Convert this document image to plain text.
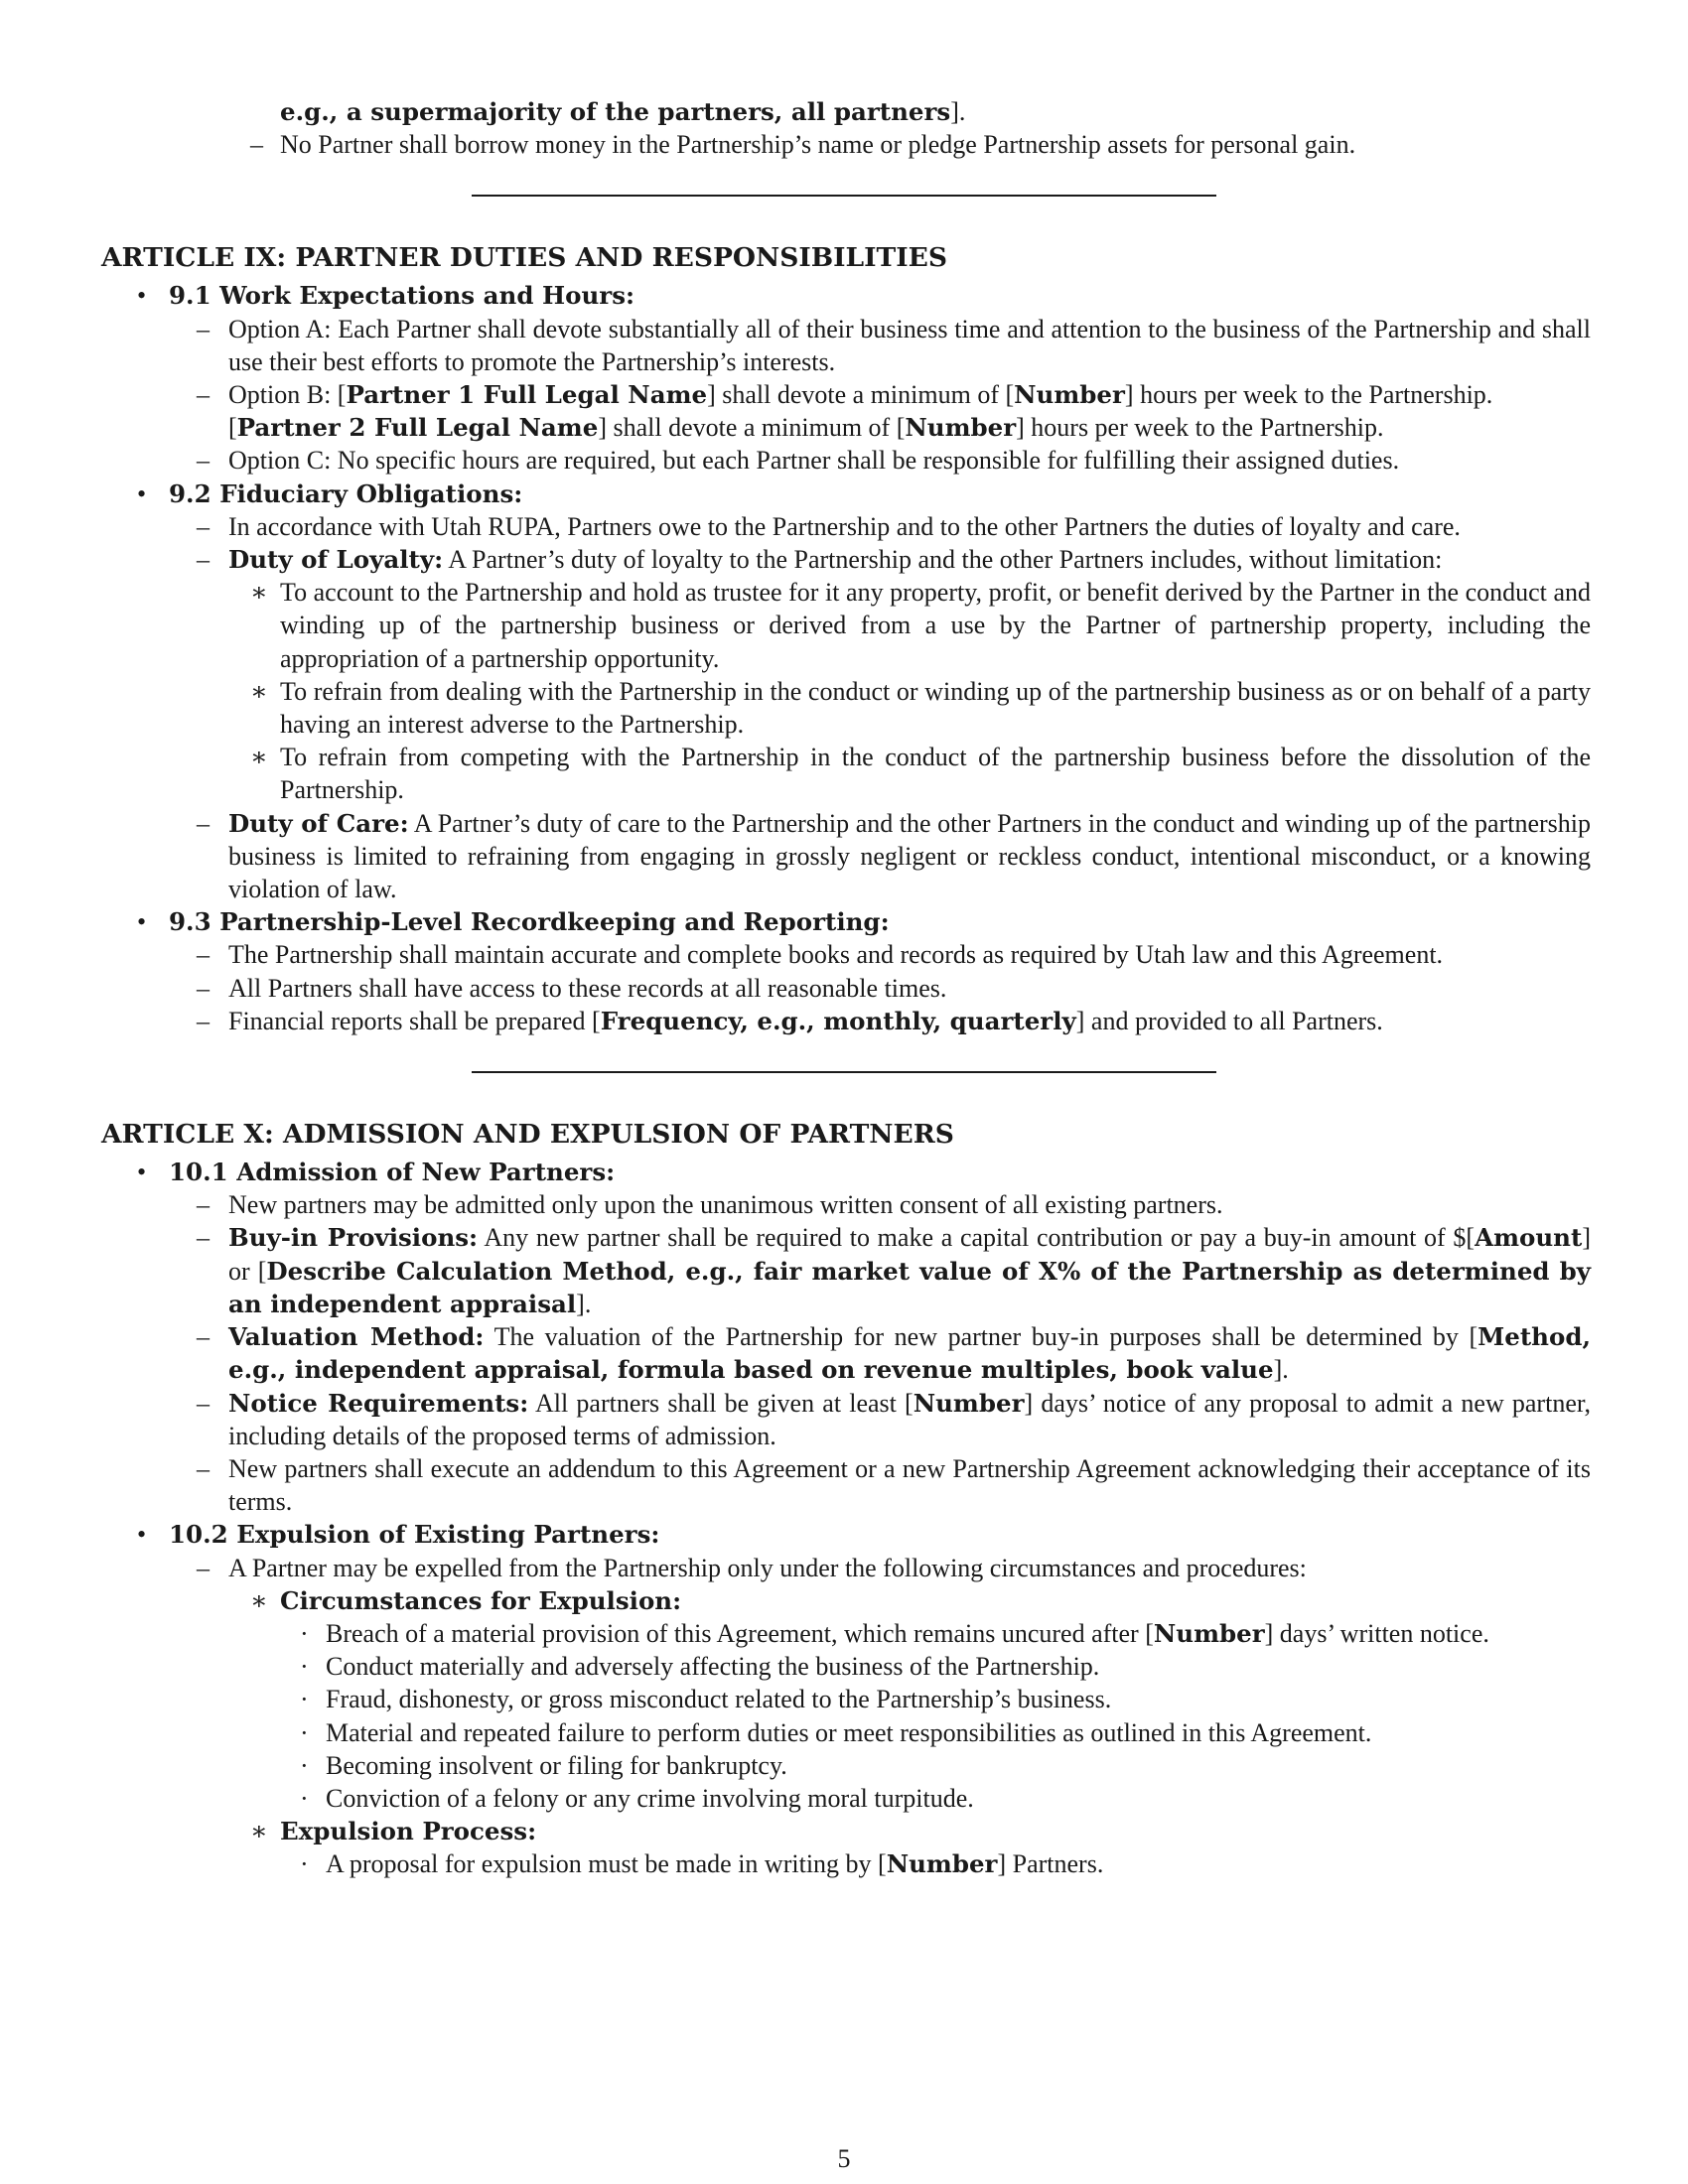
e.g., a supermajority of the partners, all partners].
– No Partner shall borrow money in the Partnership’s name or pledge Partnership assets for personal gain.
ARTICLE IX: PARTNER DUTIES AND RESPONSIBILITIES
• 9.1 Work Expectations and Hours:
– Option A: Each Partner shall devote substantially all of their business time and attention to the business of the Partnership and shall use their best efforts to promote the Partnership’s interests.
– Option B: [Partner 1 Full Legal Name] shall devote a minimum of [Number] hours per week to the Partnership. [Partner 2 Full Legal Name] shall devote a minimum of [Number] hours per week to the Partnership.
– Option C: No specific hours are required, but each Partner shall be responsible for fulfilling their assigned duties.
• 9.2 Fiduciary Obligations:
– In accordance with Utah RUPA, Partners owe to the Partnership and to the other Partners the duties of loyalty and care.
– Duty of Loyalty: A Partner’s duty of loyalty to the Partnership and the other Partners includes, without limitation:
∗ To account to the Partnership and hold as trustee for it any property, profit, or benefit derived by the Partner in the conduct and winding up of the partnership business or derived from a use by the Partner of partnership property, including the appropriation of a partnership opportunity.
∗ To refrain from dealing with the Partnership in the conduct or winding up of the partnership business as or on behalf of a party having an interest adverse to the Partnership.
∗ To refrain from competing with the Partnership in the conduct of the partnership business before the dissolution of the Partnership.
– Duty of Care: A Partner’s duty of care to the Partnership and the other Partners in the conduct and winding up of the partnership business is limited to refraining from engaging in grossly negligent or reckless conduct, intentional misconduct, or a knowing violation of law.
• 9.3 Partnership-Level Recordkeeping and Reporting:
– The Partnership shall maintain accurate and complete books and records as required by Utah law and this Agreement.
– All Partners shall have access to these records at all reasonable times.
– Financial reports shall be prepared [Frequency, e.g., monthly, quarterly] and provided to all Partners.
ARTICLE X: ADMISSION AND EXPULSION OF PARTNERS
• 10.1 Admission of New Partners:
– New partners may be admitted only upon the unanimous written consent of all existing partners.
– Buy-in Provisions: Any new partner shall be required to make a capital contribution or pay a buy-in amount of $[Amount] or [Describe Calculation Method, e.g., fair market value of X% of the Partnership as determined by an independent appraisal].
– Valuation Method: The valuation of the Partnership for new partner buy-in purposes shall be determined by [Method, e.g., independent appraisal, formula based on revenue multiples, book value].
– Notice Requirements: All partners shall be given at least [Number] days’ notice of any proposal to admit a new partner, including details of the proposed terms of admission.
– New partners shall execute an addendum to this Agreement or a new Partnership Agreement acknowledging their acceptance of its terms.
• 10.2 Expulsion of Existing Partners:
– A Partner may be expelled from the Partnership only under the following circumstances and procedures:
∗ Circumstances for Expulsion:
· Breach of a material provision of this Agreement, which remains uncured after [Number] days’ written notice.
· Conduct materially and adversely affecting the business of the Partnership.
· Fraud, dishonesty, or gross misconduct related to the Partnership’s business.
· Material and repeated failure to perform duties or meet responsibilities as outlined in this Agreement.
· Becoming insolvent or filing for bankruptcy.
· Conviction of a felony or any crime involving moral turpitude.
∗ Expulsion Process:
· A proposal for expulsion must be made in writing by [Number] Partners.
5
